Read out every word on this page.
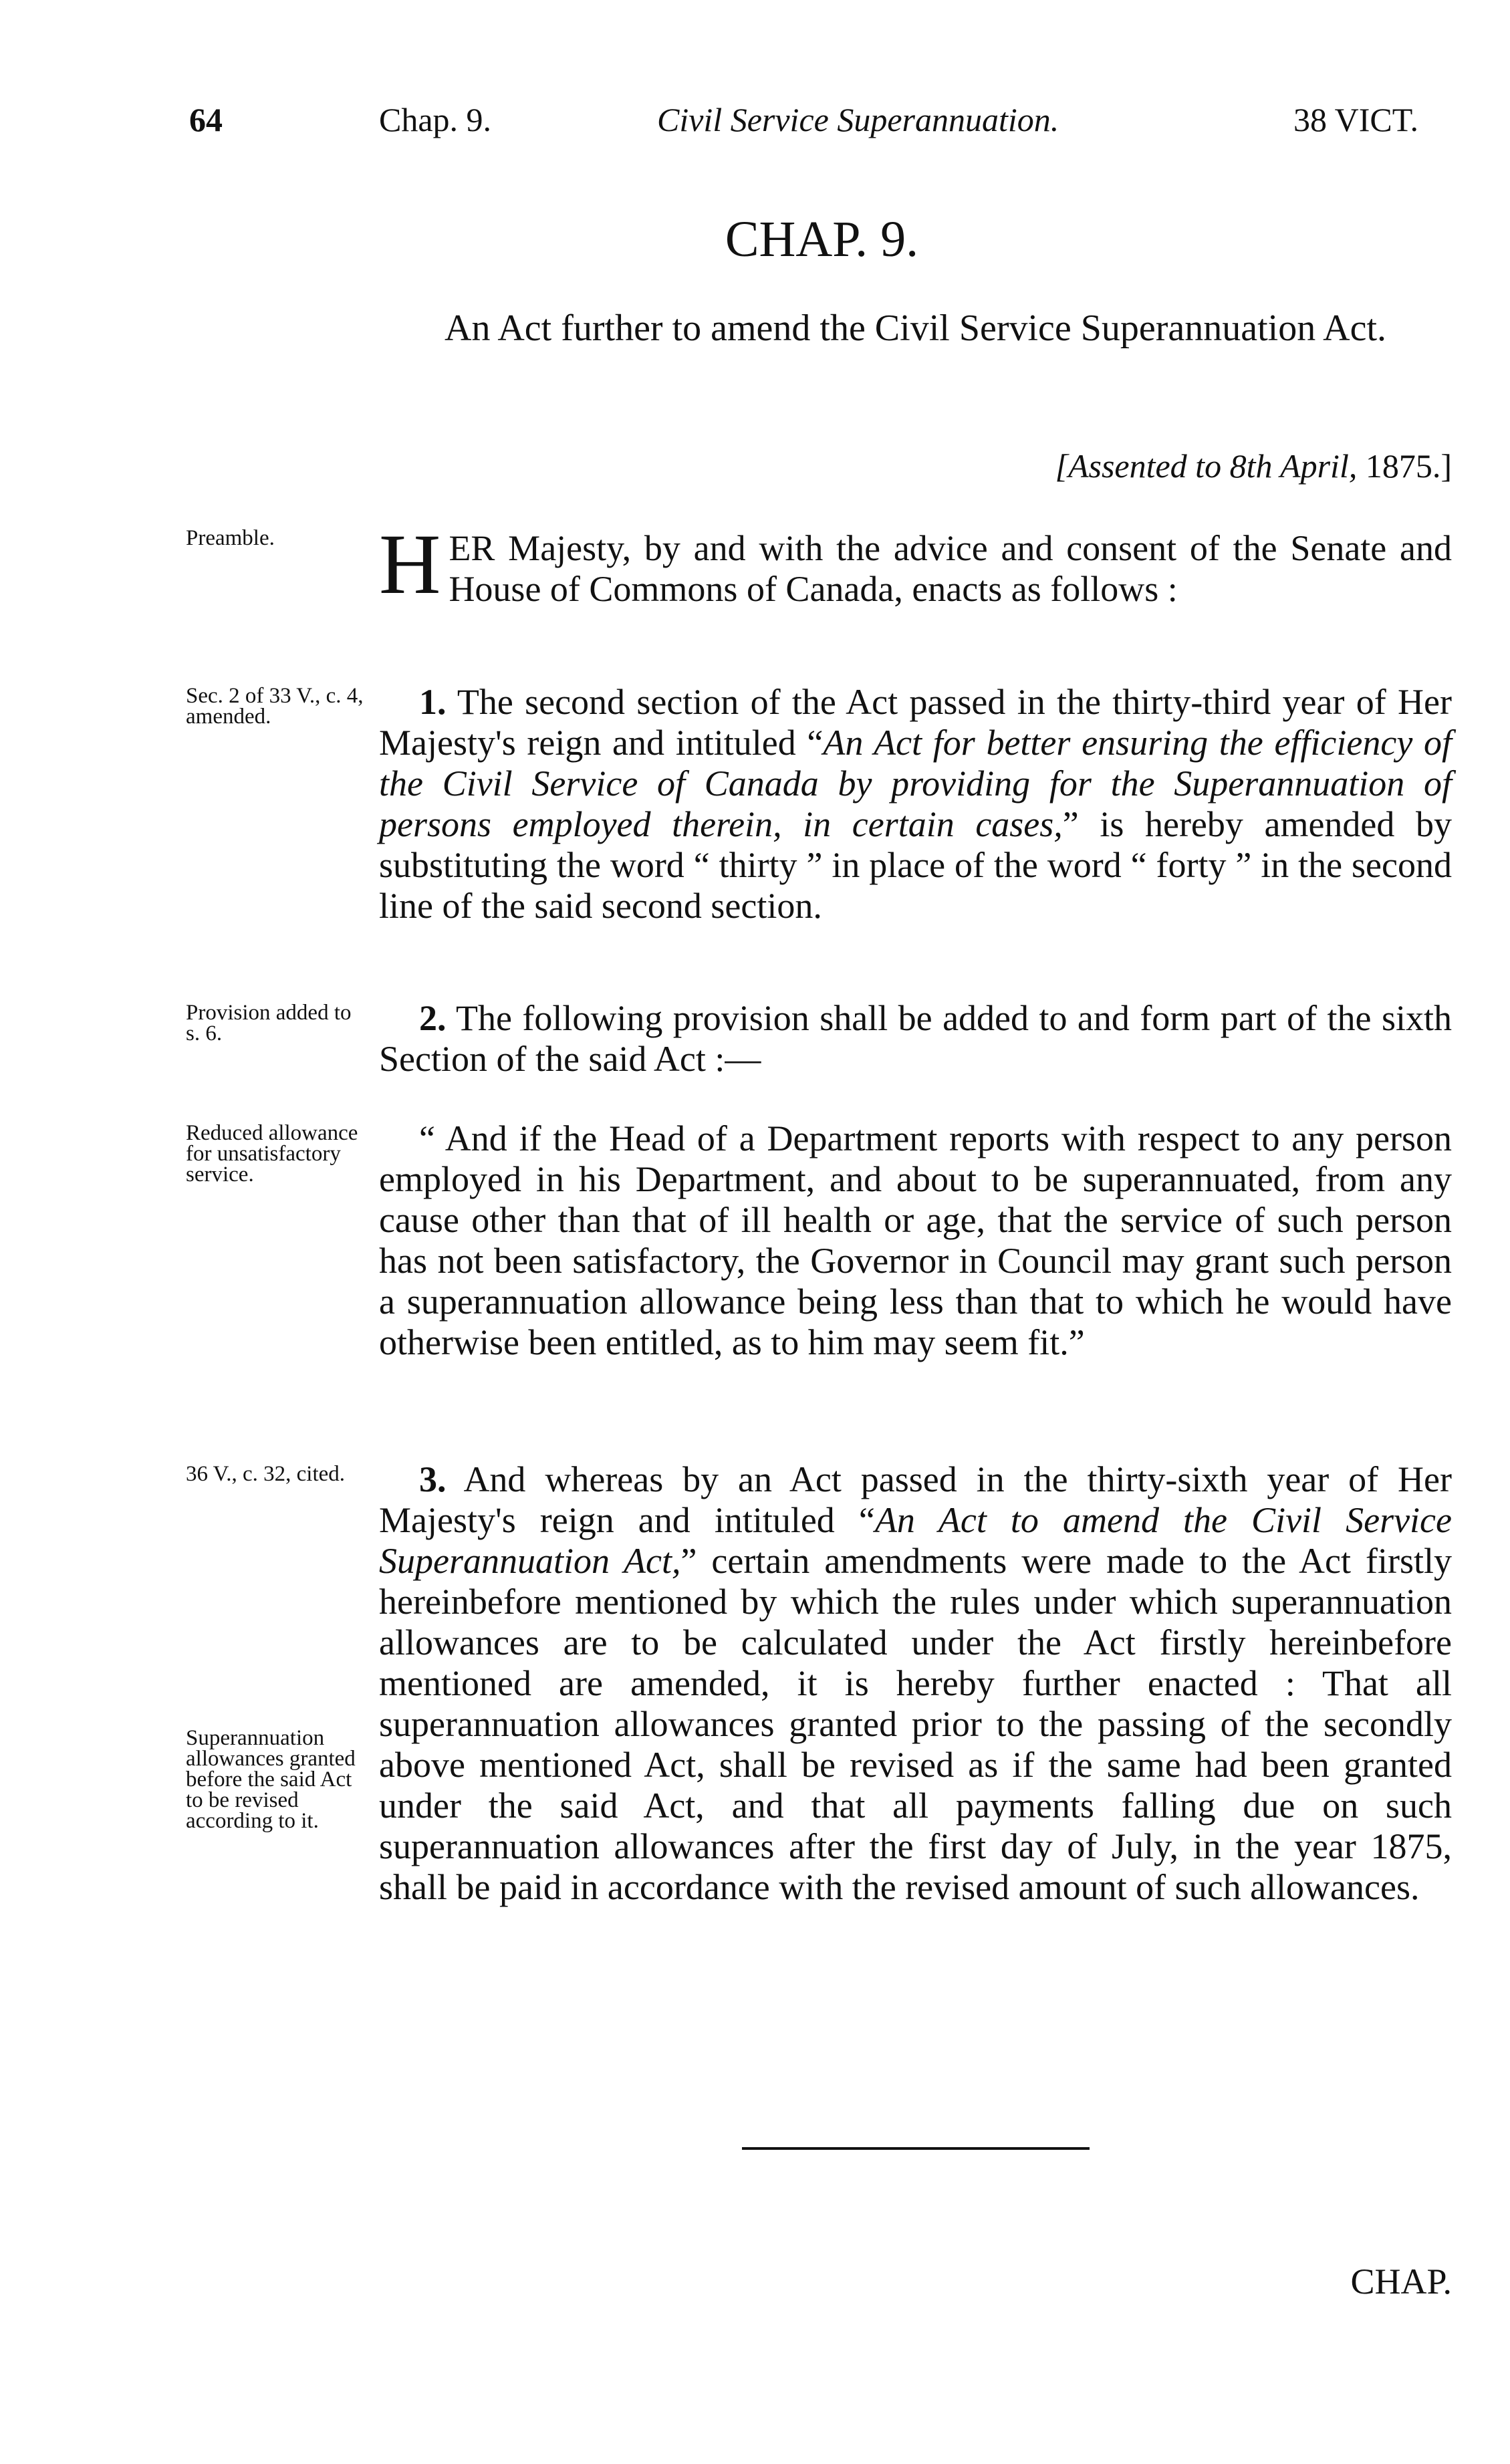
64	Chap. 9.	Civil Service Superannuation.	38 VICT.
CHAP. 9.
An Act further to amend the Civil Service Superannuation Act.
[Assented to 8th April, 1875.]
Preamble.
Sec. 2 of 33 V., c. 4, amended.
Provision added to s. 6.
Reduced allowance for unsatisfactory service.
36 V., c. 32, cited.
Superannuation allowances granted before the said Act to be revised according to it.
HER Majesty, by and with the advice and consent of the Senate and House of Commons of Canada, enacts as follows :
1. The second section of the Act passed in the thirty-third year of Her Majesty's reign and intituled “An Act for better ensuring the efficiency of the Civil Service of Canada by providing for the Superannuation of persons employed therein, in certain cases,” is hereby amended by substituting the word “ thirty ” in place of the word “ forty ” in the second line of the said second section.
2. The following provision shall be added to and form part of the sixth Section of the said Act :—
“ And if the Head of a Department reports with respect to any person employed in his Department, and about to be superannuated, from any cause other than that of ill health or age, that the service of such person has not been satisfactory, the Governor in Council may grant such person a superannuation allowance being less than that to which he would have otherwise been entitled, as to him may seem fit.”
3. And whereas by an Act passed in the thirty-sixth year of Her Majesty's reign and intituled “An Act to amend the Civil Service Superannuation Act,” certain amendments were made to the Act firstly hereinbefore mentioned by which the rules under which superannuation allowances are to be calculated under the Act firstly hereinbefore mentioned are amended, it is hereby further enacted : That all superannuation allowances granted prior to the passing of the secondly above mentioned Act, shall be revised as if the same had been granted under the said Act, and that all payments falling due on such superannuation allowances after the first day of July, in the year 1875, shall be paid in accordance with the revised amount of such allowances.
CHAP.
